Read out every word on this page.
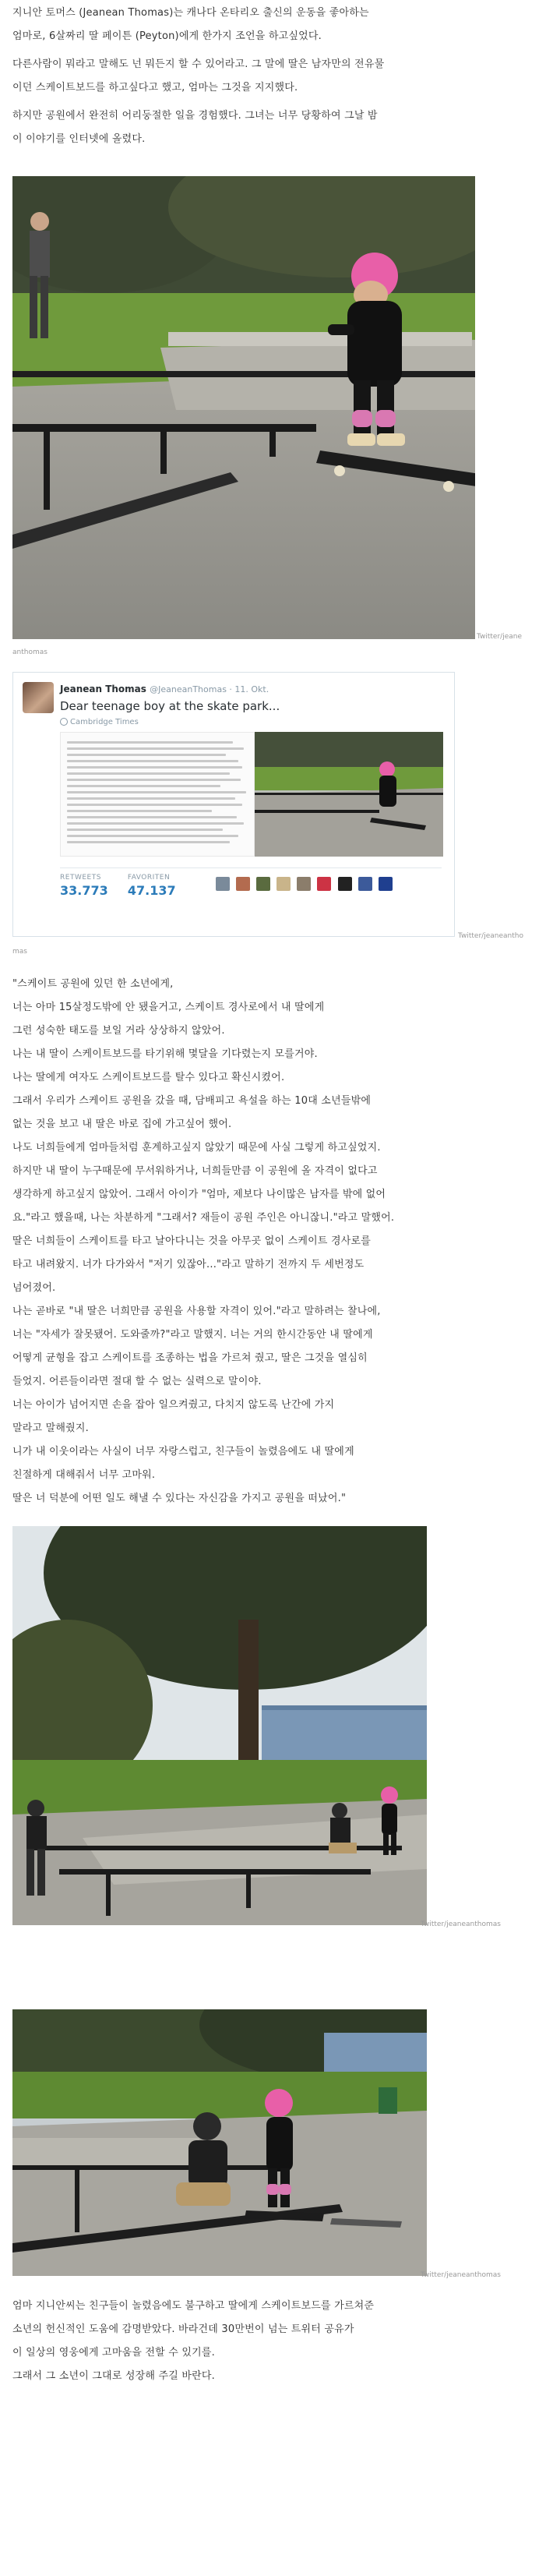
지니안 토머스 (Jeanean Thomas)는 캐나다 온타리오 출신의 운동을 좋아하는

엄마로, 6살짜리 딸 페이튼 (Peyton)에게 한가지 조언을 하고싶었다.

다른사람이 뭐라고 말해도 넌 뭐든지 할 수 있어라고. 그 말에 딸은 남자만의 전유물

이던 스케이트보드를 하고싶다고 했고, 엄마는 그것을 지지했다.

하지만 공원에서 완전히 어리둥절한 일을 경험했다. 그녀는 너무 당황하여 그날 밤

이 이야기를 인터넷에 올렸다.

Twitter/jeane
anthomas
Jeanean Thomas @JeaneanThomas · 11. Okt.
Dear teenage boy at the skate park...
Cambridge Times
RETWEETS
33.773

FAVORITEN
47.137

Twitter/jeaneantho
mas

"스케이트 공원에 있던 한 소년에게,

너는 아마 15살정도밖에 안 됐을거고, 스케이트 경사로에서 내 딸에게

그런 성숙한 태도를 보일 거라 상상하지 않았어.

나는 내 딸이 스케이트보드를 타기위해 몇달을 기다렸는지 모를거야.

나는 딸에게 여자도 스케이트보드를 탈수 있다고 확신시켰어.

그래서 우리가 스케이트 공원을 갔을 때, 담배피고 욕설을 하는 10대 소년들밖에

없는 것을 보고 내 딸은 바로 집에 가고싶어 했어.

나도 너희들에게 엄마들처럼 훈계하고싶지 않았기 때문에 사실 그렇게 하고싶었지.

하지만 내 딸이 누구때문에 무서워하거나, 너희들만큼 이 공원에 올 자격이 없다고

생각하게 하고싶지 않았어. 그래서 아이가 "엄마, 제보다 나이많은 남자를 밖에 없어

요."라고 했을때, 나는 차분하게 "그래서? 재들이 공원 주인은 아니잖니."라고 말했어.

딸은 너희들이 스케이트를 타고 날아다니는 것을 아무곳 없이 스케이트 경사로를

타고 내려왔지. 너가 다가와서 "저기 있잖아..."라고 말하기 전까지 두 세번정도

넘어졌어.

나는 곧바로 "내 딸은 너희만큼 공원을 사용할 자격이 있어."라고 말하려는 찰나에,

너는 "자세가 잘못됐어. 도와줄까?"라고 말했지. 너는 거의 한시간동안 내 딸에게

어떻게 균형을 잡고 스케이트를 조종하는 법을 가르쳐 줬고, 딸은 그것을 열심히

들었지. 어른들이라면 절대 할 수 없는 실력으로 말이야.

너는 아이가 넘어지면 손을 잡아 일으켜줬고, 다치지 않도록 난간에 가지

말라고 말해줬지.

니가 내 이웃이라는 사실이 너무 자랑스럽고, 친구들이 놀렸음에도 내 딸에게

친절하게 대해줘서 너무 고마워.

딸은 너 덕분에 어떤 일도 해낼 수 있다는 자신감을 가지고 공원을 떠났어."

Twitter/jeaneanthomas
Twitter/jeaneanthomas

엄마 지니안씨는 친구들이 놀렸음에도 불구하고 딸에게 스케이트보드를 가르쳐준

소년의 헌신적인 도움에 감명받았다. 바라건데 30만번이 넘는 트위터 공유가

이 일상의 영웅에게 고마움을 전할 수 있기를.

그래서 그 소년이 그대로 성장해 주길 바란다.
